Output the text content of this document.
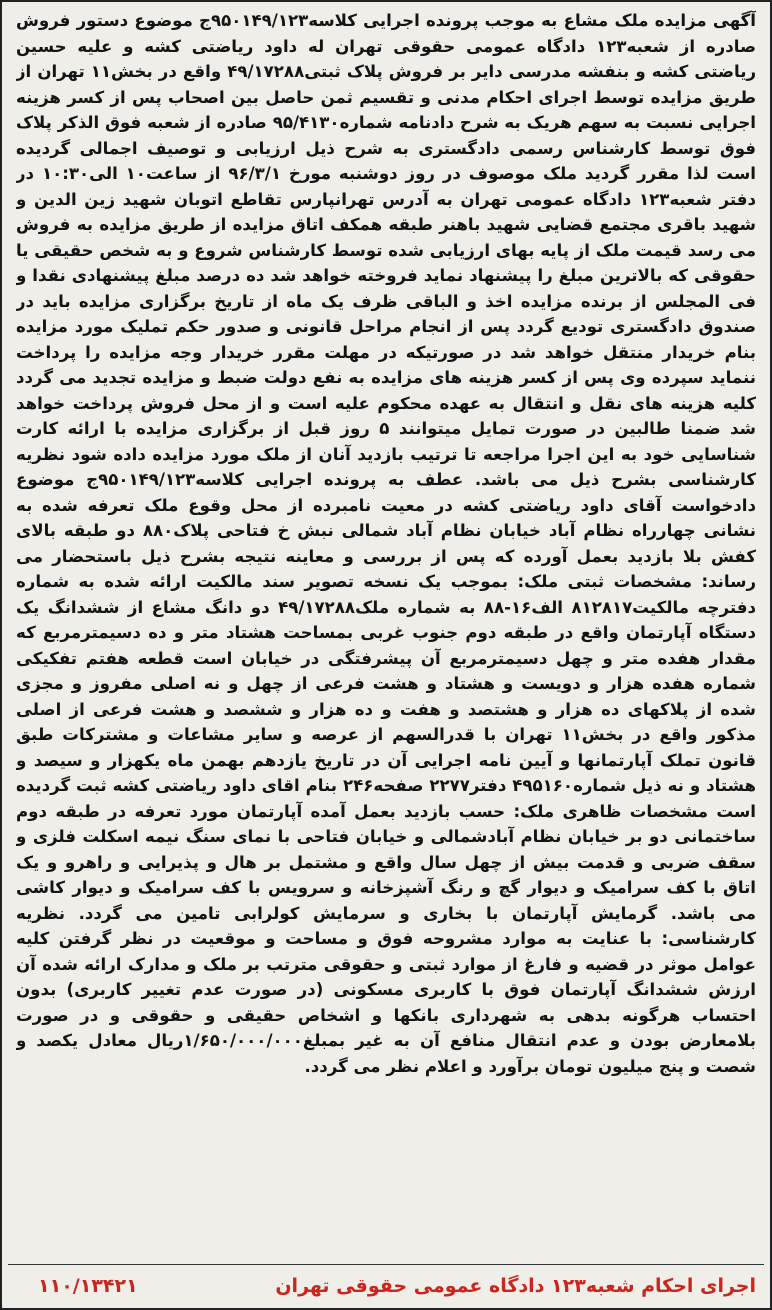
آگهی مزایده ملک مشاع به موجب پرونده اجرایی کلاسه۹۵۰۱۴۹/۱۲۳ج موضوع دستور فروش صادره از شعبه۱۲۳ دادگاه عمومی حقوقی تهران له داود ریاضتی کشه و علیه حسین ریاضتی کشه و بنفشه مدرسی دایر بر فروش پلاک ثبتی۴۹/۱۷۲۸۸ واقع در بخش۱۱ تهران از طریق مزایده توسط اجرای احکام مدنی و تقسیم ثمن حاصل بین اصحاب پس از کسر هزینه اجرایی نسبت به سهم هریک به شرح دادنامه شماره۹۵/۴۱۳۰ صادره از شعبه فوق الذکر پلاک فوق توسط کارشناس رسمی دادگستری به شرح ذیل ارزیابی و توصیف اجمالی گردیده است لذا مقرر گردید ملک موصوف در روز دوشنبه مورخ ۹۶/۳/۱ از ساعت۱۰ الی۱۰:۳۰ در دفتر شعبه۱۲۳ دادگاه عمومی تهران به آدرس تهرانپارس تقاطع اتوبان شهید زین الدین و شهید باقری مجتمع قضایی شهید باهنر طبقه همکف اتاق مزایده از طریق مزایده به فروش می رسد قیمت ملک از پایه بهای ارزیابی شده توسط کارشناس شروع و به شخص حقیقی یا حقوقی که بالاترین مبلغ را پیشنهاد نماید فروخته خواهد شد ده درصد مبلغ پیشنهادی نقدا و فی المجلس از برنده مزایده اخذ و الباقی ظرف یک ماه از تاریخ برگزاری مزایده باید در صندوق دادگستری تودیع گردد پس از انجام مراحل قانونی و صدور حکم تملیک مورد مزایده بنام خریدار منتقل خواهد شد در صورتیکه در مهلت مقرر خریدار وجه مزایده را پرداخت ننماید سپرده وی پس از کسر هزینه های مزایده به نفع دولت ضبط و مزایده تجدید می گردد کلیه هزینه های نقل و انتقال به عهده محکوم علیه است و از محل فروش پرداخت خواهد شد ضمنا طالبین در صورت تمایل میتوانند ۵ روز قبل از برگزاری مزایده با ارائه کارت شناسایی خود به این اجرا مراجعه تا ترتیب بازدید آنان از ملک مورد مزایده داده شود نظریه کارشناسی بشرح ذیل می باشد.

عطف به پرونده اجرایی کلاسه۹۵۰۱۴۹/۱۲۳ج موضوع دادخواست آقای داود ریاضتی کشه در معیت نامبرده از محل وقوع ملک تعرفه شده به نشانی چهارراه نظام آباد خیابان نظام آباد شمالی نبش خ فتاحی پلاک۸۸۰ دو طبقه بالای کفش بلا بازدید بعمل آورده که پس از بررسی و معاینه نتیجه بشرح ذیل باستحضار می رساند: مشخصات ثبتی ملک: بموجب یک نسخه تصویر سند مالکیت ارائه شده به شماره دفترچه مالکیت۸۱۲۸۱۷ الف۱۶-۸۸ به شماره ملک۴۹/۱۷۲۸۸ دو دانگ مشاع از ششدانگ یک دستگاه آپارتمان واقع در طبقه دوم جنوب غربی بمساحت هشتاد متر و ده دسیمترمربع که مقدار هفده متر و چهل دسیمترمربع آن پیشرفتگی در خیابان است قطعه هفتم تفکیکی شماره هفده هزار و دویست و هشتاد و هشت فرعی از چهل و نه اصلی مفروز و مجزی شده از پلاکهای ده هزار و هشتصد و هفت و ده هزار و ششصد و هشت فرعی از اصلی مذکور واقع در بخش۱۱ تهران با قدرالسهم از عرصه و سایر مشاعات و مشترکات طبق قانون تملک آپارتمانها و آیین نامه اجرایی آن در تاریخ یازدهم بهمن ماه یکهزار و سیصد و هشتاد و نه ذیل شماره۴۹۵۱۶۰ دفتر۲۲۷۷ صفحه۲۴۶ بنام اقای داود ریاضتی کشه ثبت گردیده است مشخصات ظاهری ملک: حسب بازدید بعمل آمده آپارتمان مورد تعرفه در طبقه دوم ساختمانی دو بر خیابان نظام آبادشمالی و خیابان فتاحی با نمای سنگ نیمه اسکلت فلزی و سقف ضربی و قدمت بیش از چهل سال واقع و مشتمل بر هال و پذیرایی و راهرو و یک اتاق با کف سرامیک و دیوار گچ و رنگ آشپزخانه و سرویس با کف سرامیک و دیوار کاشی می باشد. گرمایش آپارتمان با بخاری و سرمایش کولرابی تامین می گردد.

نظریه کارشناسی: با عنایت به موارد مشروحه فوق و مساحت و موقعیت در نظر گرفتن کلیه عوامل موثر در قضیه و فارغ از موارد ثبتی و حقوقی مترتب بر ملک و مدارک ارائه شده آن ارزش ششدانگ آپارتمان فوق با کاربری مسکونی (در صورت عدم تغییر کاربری) بدون احتساب هرگونه بدهی به شهرداری بانکها و اشخاص حقیقی و حقوقی و در صورت بلامعارض بودن و عدم انتقال منافع آن به غیر بمبلغ۱/۶۵۰/۰۰۰/۰۰۰ریال معادل یکصد و شصت و پنج میلیون تومان برآورد و اعلام نظر می گردد.

اجرای احکام شعبه۱۲۳ دادگاه عمومی حقوقی تهران
۱۱۰/۱۳۴۲۱
